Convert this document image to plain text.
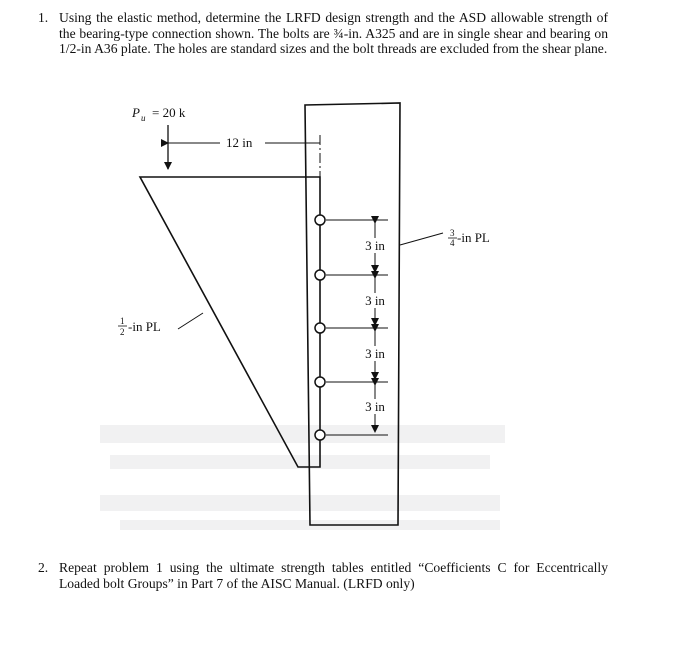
1. Using the elastic method, determine the LRFD design strength and the ASD allowable strength of the bearing-type connection shown. The bolts are ¾-in. A325 and are in single shear and bearing on 1/2-in A36 plate. The holes are standard sizes and the bolt threads are excluded from the shear plane.
3 in
3 in
3 in
3 in
P u = 20 k
12 in
3
4 -in PL
1
2 -in PL
2. Repeat problem 1 using the ultimate strength tables entitled “Coefficients C for Eccentrically Loaded bolt Groups” in Part 7 of the AISC Manual. (LRFD only)
